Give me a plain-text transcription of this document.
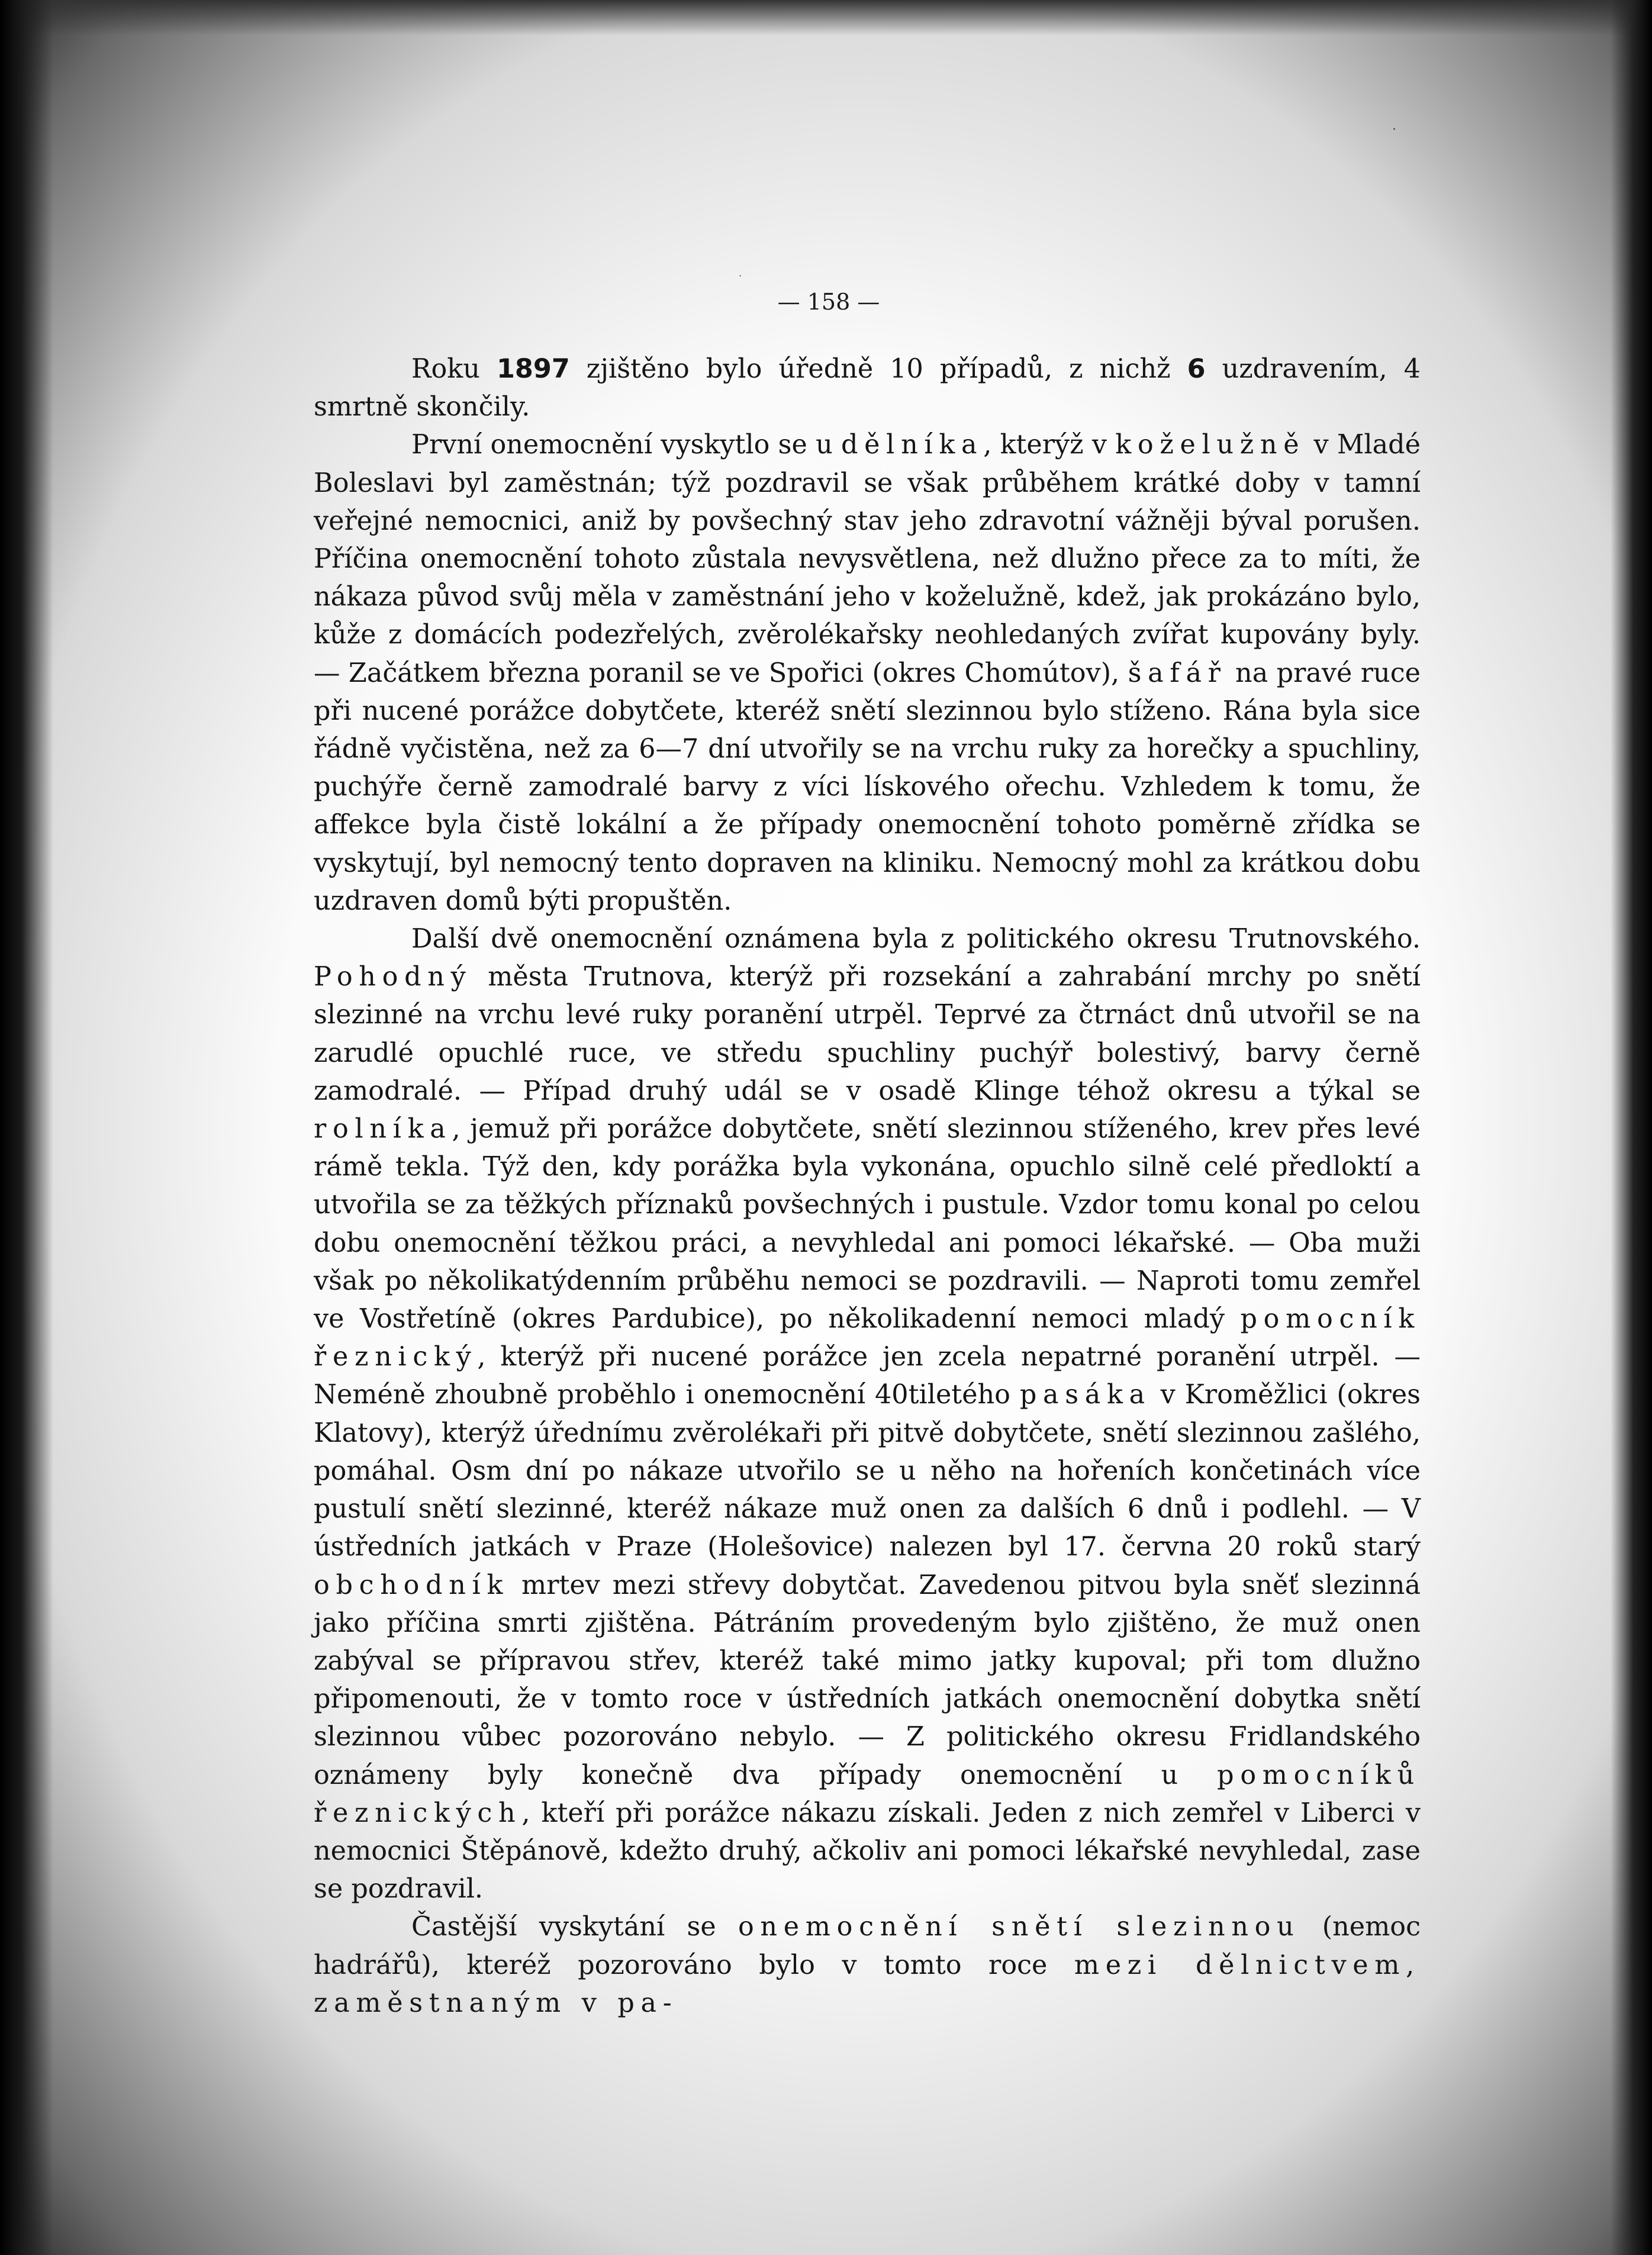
.
.
— 158 —

Roku 1897 zjištěno bylo úředně 10 případů, z nichž 6 uzdravením, 4 smrtně skončily.

První onemocnění vyskytlo se u dělníka, kterýž v koželužně v Mladé Boleslavi byl zaměstnán; týž pozdravil se však průběhem krátké doby v tamní veřejné nemocnici, aniž by povšechný stav jeho zdravotní vážněji býval porušen. Příčina onemocnění tohoto zůstala nevysvětlena, než dlužno přece za to míti, že nákaza původ svůj měla v zaměstnání jeho v koželužně, kdež, jak prokázáno bylo, kůže z domácích podezřelých, zvěrolékařsky neohledaných zvířat kupovány byly. — Začátkem března poranil se ve Spořici (okres Chomútov), šafář na pravé ruce při nucené porážce dobytčete, kteréž snětí slezinnou bylo stíženo. Rána byla sice řádně vyčistěna, než za 6—7 dní utvořily se na vrchu ruky za horečky a spuchliny, puchýře černě zamodralé barvy z víci lískového ořechu. Vzhledem k tomu, že affekce byla čistě lokální a že případy onemocnění tohoto poměrně zřídka se vyskytují, byl nemocný tento dopraven na kliniku. Nemocný mohl za krátkou dobu uzdraven domů býti propuštěn.

Další dvě onemocnění oznámena byla z politického okresu Trutnovského. Pohodný města Trutnova, kterýž při rozsekání a zahrabání mrchy po snětí slezinné na vrchu levé ruky poranění utrpěl. Teprvé za čtrnáct dnů utvořil se na zarudlé opuchlé ruce, ve středu spuchliny puchýř bolestivý, barvy černě zamodralé. — Případ druhý udál se v osadě Klinge téhož okresu a týkal se rolníka, jemuž při porážce dobytčete, snětí slezinnou stíženého, krev přes levé rámě tekla. Týž den, kdy porážka byla vykonána, opuchlo silně celé předloktí a utvořila se za těžkých příznaků povšechných i pustule. Vzdor tomu konal po celou dobu onemocnění těžkou práci, a nevyhledal ani pomoci lékařské. — Oba muži však po několikatýdenním průběhu nemoci se pozdravili. — Naproti tomu zemřel ve Vostřetíně (okres Pardubice), po několikadenní nemoci mladý pomocník řeznický, kterýž při nucené porážce jen zcela nepatrné poranění utrpěl. — Neméně zhoubně proběhlo i onemocnění 40tiletého pasáka v Kroměžlici (okres Klatovy), kterýž úřednímu zvěrolékaři při pitvě dobytčete, snětí slezinnou zašlého, pomáhal. Osm dní po nákaze utvořilo se u něho na hořeních končetinách více pustulí snětí slezinné, kteréž nákaze muž onen za dalších 6 dnů i podlehl. — V ústředních jatkách v Praze (Holešovice) nalezen byl 17. června 20 roků starý obchodník mrtev mezi střevy dobytčat. Zavedenou pitvou byla sněť slezinná jako příčina smrti zjištěna. Pátráním provedeným bylo zjištěno, že muž onen zabýval se přípravou střev, kteréž také mimo jatky kupoval; při tom dlužno připomenouti, že v tomto roce v ústředních jatkách onemocnění dobytka snětí slezinnou vůbec pozorováno nebylo. — Z politického okresu Fridlandského oznámeny byly konečně dva případy onemocnění u pomocníků řeznických, kteří při porážce nákazu získali. Jeden z nich zemřel v Liberci v nemocnici Štěpánově, kdežto druhý, ačkoliv ani pomoci lékařské nevyhledal, zase se pozdravil.

Častější vyskytání se onemocnění snětí slezinnou (nemoc hadrářů), kteréž pozorováno bylo v tomto roce mezi dělnictvem, zaměstnaným v pa-
